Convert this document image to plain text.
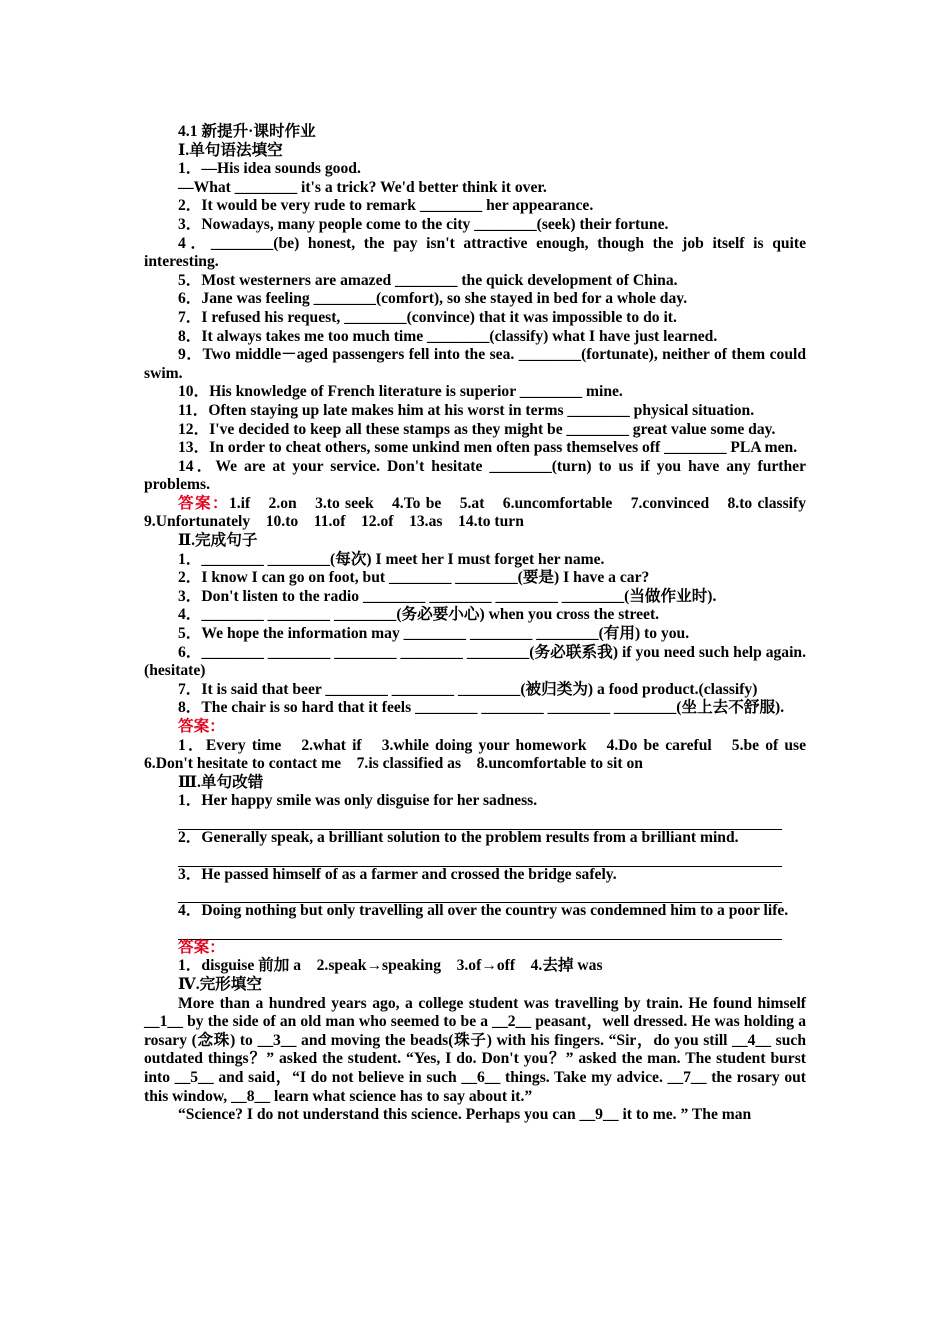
4.1 新提升·课时作业

Ⅰ.单句语法填空

1．—His idea sounds good.

—What ________ it's a trick? We'd better think it over.

2．It would be very rude to remark ________ her appearance.

3．Nowadays, many people come to the city ________(seek) their fortune.

4．________(be) honest, the pay isn't attractive enough, though the job itself is quite interesting.

5．Most westerners are amazed ________ the quick development of China.

6．Jane was feeling ________(comfort), so she stayed in bed for a whole day.

7．I refused his request, ________(convince) that it was impossible to do it.

8．It always takes me too much time ________(classify) what I have just learned.

9．Two middle－aged passengers fell into the sea. ________(fortunate), neither of them could swim.

10．His knowledge of French literature is superior ________ mine.

11．Often staying up late makes him at his worst in terms ________ physical situation.

12．I've decided to keep all these stamps as they might be ________ great value some day.

13．In order to cheat others, some unkind men often pass themselves off ________ PLA men.

14．We are at your service. Don't hesitate ________(turn) to us if you have any further problems.

答案：1.if　2.on　3.to seek　4.To be　5.at　6.uncomfortable　7.convinced　8.to classify　9.Unfortunately　10.to　11.of　12.of　13.as　14.to turn

Ⅱ.完成句子

1．________ ________(每次) I meet her I must forget her name.

2．I know I can go on foot, but ________ ________(要是) I have a car?

3．Don't listen to the radio ________ ________ ________ ________(当做作业时).

4．________ ________ ________(务必要小心) when you cross the street.

5．We hope the information may ________ ________ ________(有用) to you.

6．________ ________ ________ ________ ________(务必联系我) if you need such help again.(hesitate)

7．It is said that beer ________ ________ ________(被归类为) a food product.(classify)

8．The chair is so hard that it feels ________ ________ ________ ________(坐上去不舒服).

答案：

1．Every time　2.what if　3.while doing your homework　4.Do be careful　5.be of use　6.Don't hesitate to contact me　7.is classified as　8.uncomfortable to sit on

Ⅲ.单句改错

1．Her happy smile was only disguise for her sadness.

2．Generally speak, a brilliant solution to the problem results from a brilliant mind.

3．He passed himself of as a farmer and crossed the bridge safely.

4．Doing nothing but only travelling all over the country was condemned him to a poor life.

答案：

1．disguise 前加 a　2.speak→speaking　3.of→off　4.去掉 was

Ⅳ.完形填空

More than a hundred years ago, a college student was travelling by train. He found himself __1__ by the side of an old man who seemed to be a __2__ peasant，well dressed. He was holding a rosary (念珠) to __3__ and moving the beads(珠子) with his fingers. “Sir，do you still __4__ such outdated things？” asked the student. “Yes, I do. Don't you？” asked the man. The student burst into __5__ and said，“I do not believe in such __6__ things. Take my advice. __7__ the rosary out this window, __8__ learn what science has to say about it.”

“Science? I do not understand this science. Perhaps you can __9__ it to me. ” The man
